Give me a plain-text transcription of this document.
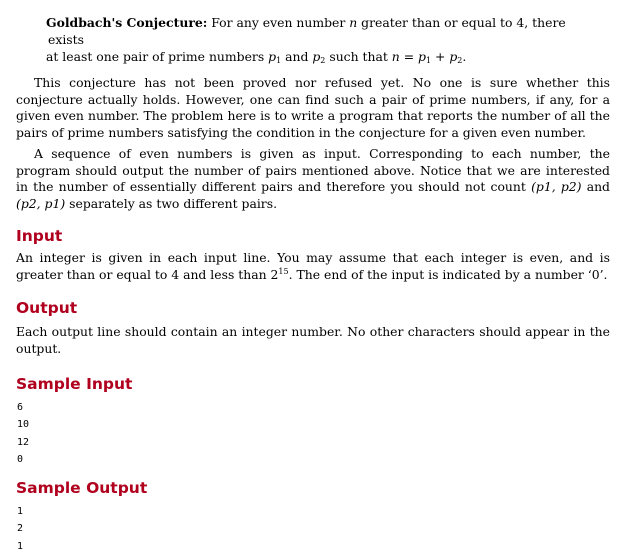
Goldbach's Conjecture: For any even number n greater than or equal to 4, there exists
at least one pair of prime numbers $p_1$ and $p_2$ such that $n = p_1 + p_2$.

This conjecture has not been proved nor refused yet. No one is sure whether this conjecture actually holds. However, one can find such a pair of prime numbers, if any, for a given even number. The problem here is to write a program that reports the number of all the pairs of prime numbers satisfying the condition in the conjecture for a given even number.

A sequence of even numbers is given as input. Corresponding to each number, the program should output the number of pairs mentioned above. Notice that we are interested in the number of essentially different pairs and therefore you should not count (p1, p2) and (p2, p1) separately as two different pairs.

Input

An integer is given in each input line. You may assume that each integer is even, and is greater than or equal to 4 and less than $2^{15}$. The end of the input is indicated by a number ‘0’.

Output

Each output line should contain an integer number. No other characters should appear in the output.

Sample Input
6
10
12
0
Sample Output
1
2
1
